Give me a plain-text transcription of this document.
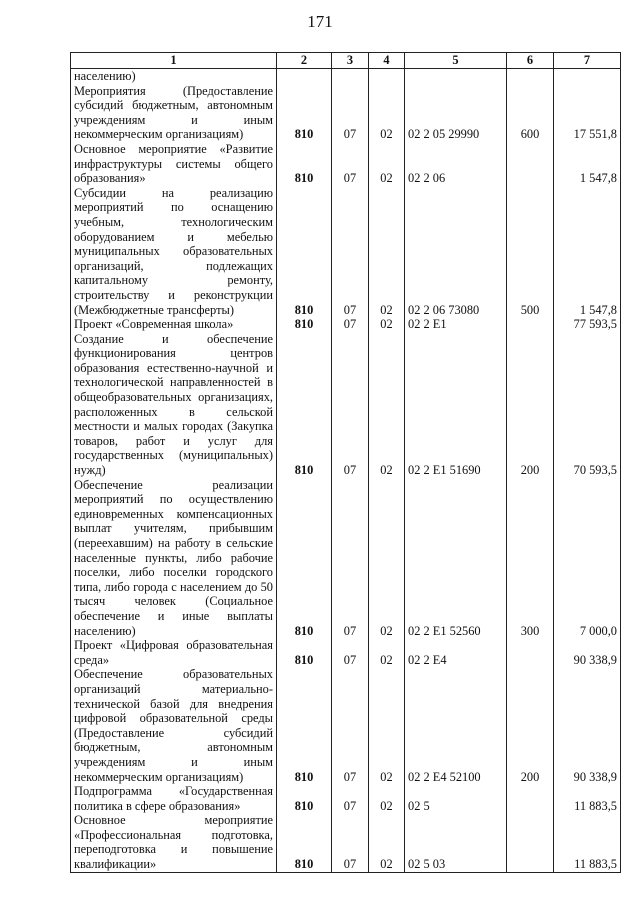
171
1	2	3	4	5	6	7
населению)						
Мероприятия (Предоставление субсидий бюджетным, автономным учреждениям и иным некоммерческим организациям)	810	07	02	02 2 05 29990	600	17 551,8
Основное мероприятие «Развитие инфраструктуры системы общего образования»	810	07	02	02 2 06		1 547,8
Субсидии на реализацию мероприятий по оснащению учебным, технологическим оборудованием и мебелью муниципальных образовательных организаций, подлежащих капитальному ремонту, строительству и реконструкции (Межбюджетные трансферты)	810	07	02	02 2 06 73080	500	1 547,8
Проект «Современная школа»	810	07	02	02 2 E1		77 593,5
Создание и обеспечение функционирования центров образования естественно-научной и технологической направленностей в общеобразовательных организациях, расположенных в сельской местности и малых городах (Закупка товаров, работ и услуг для государственных (муниципальных) нужд)	810	07	02	02 2 E1 51690	200	70 593,5
Обеспечение реализации мероприятий по осуществлению единовременных компенсационных выплат учителям, прибывшим (переехавшим) на работу в сельские населенные пункты, либо рабочие поселки, либо поселки городского типа, либо города с населением до 50 тысяч человек (Социальное обеспечение и иные выплаты населению)	810	07	02	02 2 E1 52560	300	7 000,0
Проект «Цифровая образовательная среда»	810	07	02	02 2 E4		90 338,9
Обеспечение образовательных организаций материально-технической базой для внедрения цифровой образовательной среды (Предоставление субсидий бюджетным, автономным учреждениям и иным некоммерческим организациям)	810	07	02	02 2 E4 52100	200	90 338,9
Подпрограмма «Государственная политика в сфере образования»	810	07	02	02 5		11 883,5
Основное мероприятие «Профессиональная подготовка, переподготовка и повышение квалификации»	810	07	02	02 5 03		11 883,5
